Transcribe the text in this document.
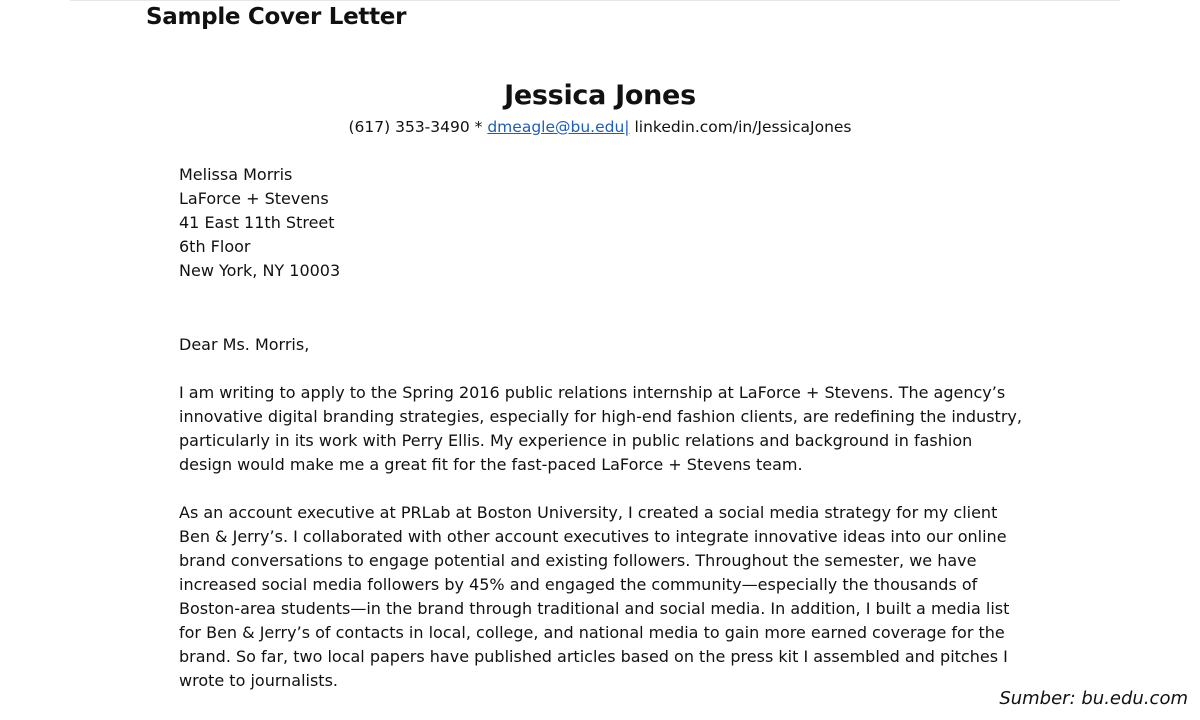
Sample Cover Letter
Jessica Jones
(617) 353-3490 * dmeagle@bu.edu| linkedin.com/in/JessicaJones
Melissa Morris
LaForce + Stevens
41 East 11th Street
6th Floor
New York, NY 10003
Dear Ms. Morris,
I am writing to apply to the Spring 2016 public relations internship at LaForce + Stevens. The agency’s
innovative digital branding strategies, especially for high-end fashion clients, are redefining the industry,
particularly in its work with Perry Ellis. My experience in public relations and background in fashion
design would make me a great fit for the fast-paced LaForce + Stevens team.
As an account executive at PRLab at Boston University, I created a social media strategy for my client
Ben & Jerry’s. I collaborated with other account executives to integrate innovative ideas into our online
brand conversations to engage potential and existing followers. Throughout the semester, we have
increased social media followers by 45% and engaged the community—especially the thousands of
Boston-area students—in the brand through traditional and social media. In addition, I built a media list
for Ben & Jerry’s of contacts in local, college, and national media to gain more earned coverage for the
brand. So far, two local papers have published articles based on the press kit I assembled and pitches I
wrote to journalists.
Sumber: bu.edu.com
